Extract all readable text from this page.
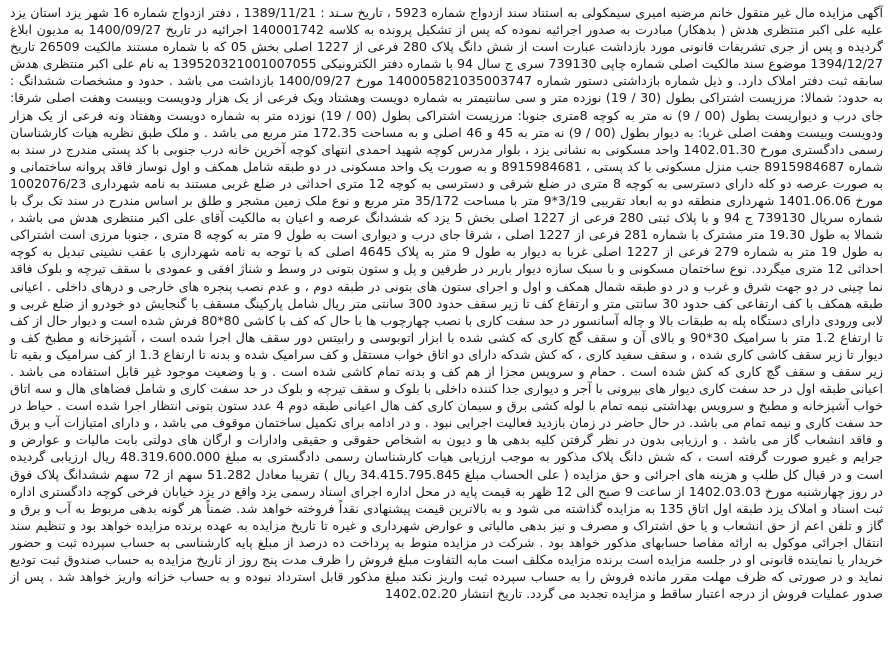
آگهی مزایده مال غیر منقول خانم مرضیه امیری سیمکولی به استناد سند ازدواج شماره 5923 ، تاریخ سـند : 1389/11/21 ، دفتر ازدواج شماره 16 شهر یزد استان یزد علیه علی اکبر منتظری هدش ( بدهکار) مبادرت به صدور اجرائیه نموده که پس از تشکیل پرونده به کلاسه 140001742 اجرائیه در تاریخ 1400/09/27 به مدیون ابلاغ گردیده و پس از جری تشریفات قانونی مورد بازداشت عبارت است از شش دانگ پلاک 280 فرعی از 1227 اصلی بخش 05 که با شماره مستند مالکیت 26509 تاریخ 1394/12/27 موضوع سند مالکیت اصلی شماره چاپی 739130 سری ج سال 94 با شماره دفتر الکترونیکی 139520321001007055 به نام علی اکبر منتظری هدش سابقه ثبت دفتر املاک دارد. و ذیل شماره بازداشتی دستور شماره 140005821035003747 مورخ 1400/09/27 بازداشت می باشد . حدود و مشخصات ششدانگ : به حدود: شمالا: مرزیست اشتراکی بطول (30 / 19) نوزده متر و سی سانتیمتر به شماره دویست وهشتاد ویک فرعی از یک هزار ودویست وبیست وهفت اصلی شرقا: جای درب و دیواریست بطول (00 / 9) نه متر به کوچه 8متری جنوبا: مرزیست اشتراکی بطول (00 / 19) نوزده متر به شماره دویست وهفتاد ونه فرعی از یک هزار ودویست وبیست وهفت اصلی غربا: به دیوار بطول (00 / 9) نه متر به 45 و 46 اصلی و به مساحت 172.35 متر مربع می باشد . و ملک طبق نظریه هیات کارشناسان رسمی دادگستری مورخ 1402.01.30 واحد مسکونی به نشانی یزد ، بلوار مدرس کوچه شهید احمدی انتهای کوچه آخرین خانه درب جنوبی با کد پستی مندرج در سند به شماره 8915984687 جنب منزل مسکونی با کد پستی ، 8915984681 و به صورت یک واحد مسکونی در دو طبقه شامل همکف و اول نوساز فاقد پروانه ساختمانی و به صورت عرصه دو کله دارای دسترسی به کوچه 8 متری در ضلع شرقی و دسترسی به کوچه 12 متری احداثی در ضلع غربی مستند به نامه شهرداری 1002076/23 مورخ 1401.06.06 شهرداری منطقه دو به ابعاد تقریبی 3/19*9 متر با مساحت 35/172 متر مربع و نوع ملک زمین مشجر و طلق بر اساس مندرج در سند تک برگ با شماره سریال 739130 ج 94 و با پلاک ثبتی 280 فرعی از 1227 اصلی بخش 5 یزد که ششدانگ عرصه و اعیان به مالکیت آقای علی اکبر منتظری هدش می باشد ، شمالا به طول 19.30 متر مشترک با شماره 281 فرعی از 1227 اصلی ، شرقا جای درب و دیواری است به طول 9 متر به کوچه 8 متری ، جنوبا مرزی است اشتراکی به طول 19 متر به شماره 279 فرعی از 1227 اصلی غربا به دیوار به طول 9 متر به پلاک 4645 اصلی که با توجه به نامه شهرداری با عقب نشینی تبدیل به کوچه احداثی 12 متری میگردد. نوع ساختمان مسکونی و با سبک سازه دیوار باربر در طرفین و پل و ستون بتونی در وسط و شناژ افقی و عمودی با سقف تیرچه و بلوک فاقد نما چینی در دو جهت شرق و غرب و در دو طبقه شمال همکف و اول و اجرای ستون های بتونی در طبقه دوم ، و عدم نصب پنجره های خارجی و درهای داخلی . اعیانی طبقه همکف با کف ارتفاعی کف حدود 30 سانتی متر و ارتفاع کف تا زیر سقف حدود 300 سانتی متر ریال شامل پارکینگ مسقف با گنجایش دو خودرو از ضلع غربی و لابی ورودی دارای دستگاه پله به طبقات بالا و چاله آسانسور در حد سفت کاری با نصب چهارچوب ها با حال که کف با کاشی 80*80 فرش شده است و دیوار حال از کف تا ارتفاع 1.2 متر با سرامیک 30*90 و بالای آن و سقف گچ کاری که کشی شده با ابزار اتوبوسی و رابیتس دور سقف هال اجرا شده است ، آشپزخانه و مطبخ کف و دیوار تا زیر سقف کاشی کاری شده ، و سقف سفید کاری ، که کش شدکه دارای دو اتاق خواب مستقل و کف سرامیک شده و بدنه تا ارتفاع 1.3 از کف سرامیک و بقیه تا زیر سقف و سقف گچ کاری که کش شده است . حمام و سرویس مجزا از هم کف و بدنه تمام کاشی شده است . و با وضعیت موجود غیر قابل استفاده می باشد . اعیانی طبقه اول در حد سفت کاری دیوار های بیرونی با آجر و دیواری جدا کننده داخلی با بلوک و سقف تیرچه و بلوک در حد سفت کاری و شامل فضاهای هال و سه اتاق خواب آشپزخانه و مطبخ و سرویس بهداشتی نیمه تمام با لوله کشی برق و سیمان کاری کف هال اعیانی طبقه دوم 4 عدد ستون بتونی انتظار اجرا شده است . حیاط در حد سفت کاری و نیمه تمام می باشد. در حال حاضر در زمان بازدید فعالیت اجرایی نبود . و در ادامه برای تکمیل ساختمان موقوف می باشد ، و دارای امتیازات آب و برق و فاقد انشعاب گاز می باشد . و ارزیابی بدون در نظر گرفتن کلیه بدهی ها و دیون به اشخاص حقوقی و حقیقی وادارات و ارگان های دولتی بابت مالیات و عوارض و جرایم و غیرو صورت گرفته است ، که شش دانگ پلاک مذکور به موجب ارزیابی هیات کارشناسان رسمی دادگستری به مبلغ 48.319.600.000 ریال ارزیابی گردیده است و در قبال کل طلب و هزینه های اجرائی و حق مزایده ( علی الحساب مبلغ 34.415.795.845 ریال ) تقریبا معادل 51.282 سهم از 72 سهم ششدانگ پلاک فوق در روز چهارشنبه مورخ 1402.03.03 از ساعت 9 صبح الی 12 ظهر به قیمت پایه در محل اداره اجرای اسناد رسمی یزد واقع در یزد خیابان فرخی کوچه دادگستری اداره ثبت اسناد و املاک یزد طبقه اول اتاق 135 به مزایده گذاشته می شود و به بالاترین قیمت پیشنهادی نقداً فروخته خواهد شد. ضمناً هر گونه بدهی مربوط به آب و برق و گاز و تلفن اعم از حق انشعاب و یا حق اشتراک و مصرف و نیز بدهی مالیاتی و عوارض شهرداری و غیره تا تاریخ مزایده به عهده برنده مزایده خواهد بود و تنظیم سند انتقال اجرائی موکول به ارائه مفاصا حسابهای مذکور خواهد بود . شرکت در مزایده منوط به پرداخت ده درصد از مبلغ پایه کارشناسی به حساب سپرده ثبت و حضور خریدار یا نماینده قانونی او در جلسه مزایده است برنده مزایده مکلف است مابه التفاوت مبلغ فروش را ظرف مدت پنج روز از تاریخ مزایده به حساب صندوق ثبت تودیع نماید و در صورتی که ظرف مهلت مقرر مانده فروش را به حساب سپرده ثبت واریز نکند مبلغ مذکور قابل استرداد نبوده و به حساب خزانه واریز خواهد شد . پس از صدور عملیات فروش از درجه اعتبار ساقط و مزایده تجدید می گردد. تاریخ انتشار 1402.02.20
